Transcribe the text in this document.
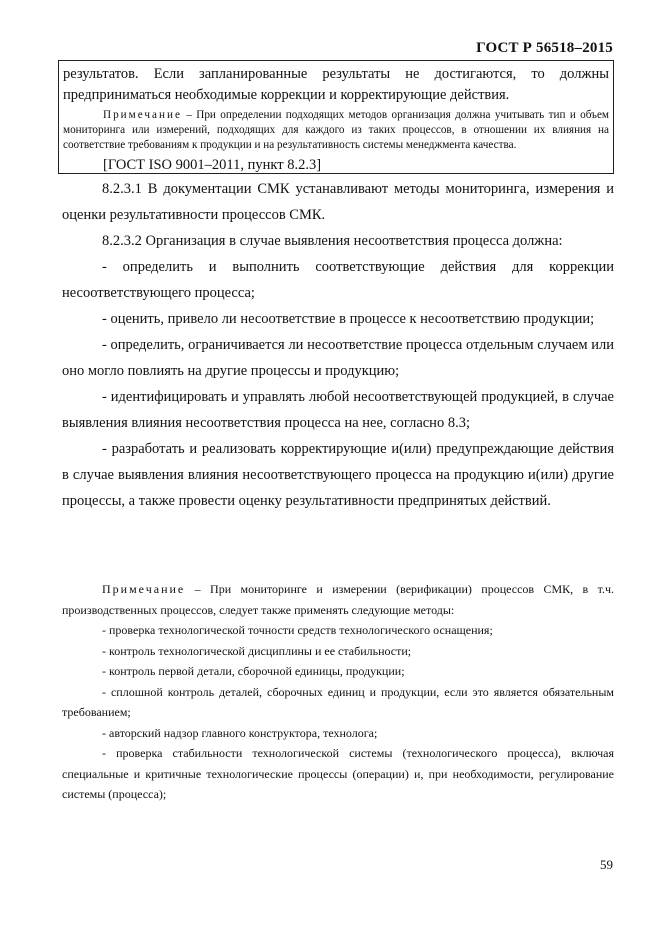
ГОСТ Р 56518–2015

результатов. Если запланированные результаты не достигаются, то должны предприниматься необходимые коррекции и корректирующие действия.

Примечание – При определении подходящих методов организация должна учитывать тип и объем мониторинга или измерений, подходящих для каждого из таких процессов, в отношении их влияния на соответствие требованиям к продукции и на результативность системы менеджмента качества.

[ГОСТ ISO 9001–2011, пункт 8.2.3]

8.2.3.1 В документации СМК устанавливают методы мониторинга, измерения и оценки результативности процессов СМК.

8.2.3.2 Организация в случае выявления несоответствия процесса должна:

- определить и выполнить соответствующие действия для коррекции несоответствующего процесса;

- оценить, привело ли несоответствие в процессе к несоответствию продукции;

- определить, ограничивается ли несоответствие процесса отдельным случаем или оно могло повлиять на другие процессы и продукцию;

- идентифицировать и управлять любой несоответствующей продукцией, в случае выявления влияния несоответствия процесса на нее, согласно 8.3;

- разработать и реализовать корректирующие и(или) предупреждающие действия в случае выявления влияния несоответствующего процесса на продукцию и(или) другие процессы, а также провести оценку результативности предпринятых действий.

Примечание – При мониторинге и измерении (верификации) процессов СМК, в т.ч. производственных процессов, следует также применять следующие методы:

- проверка технологической точности средств технологического оснащения;

- контроль технологической дисциплины и ее стабильности;

- контроль первой детали, сборочной единицы, продукции;

- сплошной контроль деталей, сборочных единиц и продукции, если это является обязательным требованием;

- авторский надзор главного конструктора, технолога;

- проверка стабильности технологической системы (технологического процесса), включая специальные и критичные технологические процессы (операции) и, при необходимости, регулирование системы (процесса);

59
